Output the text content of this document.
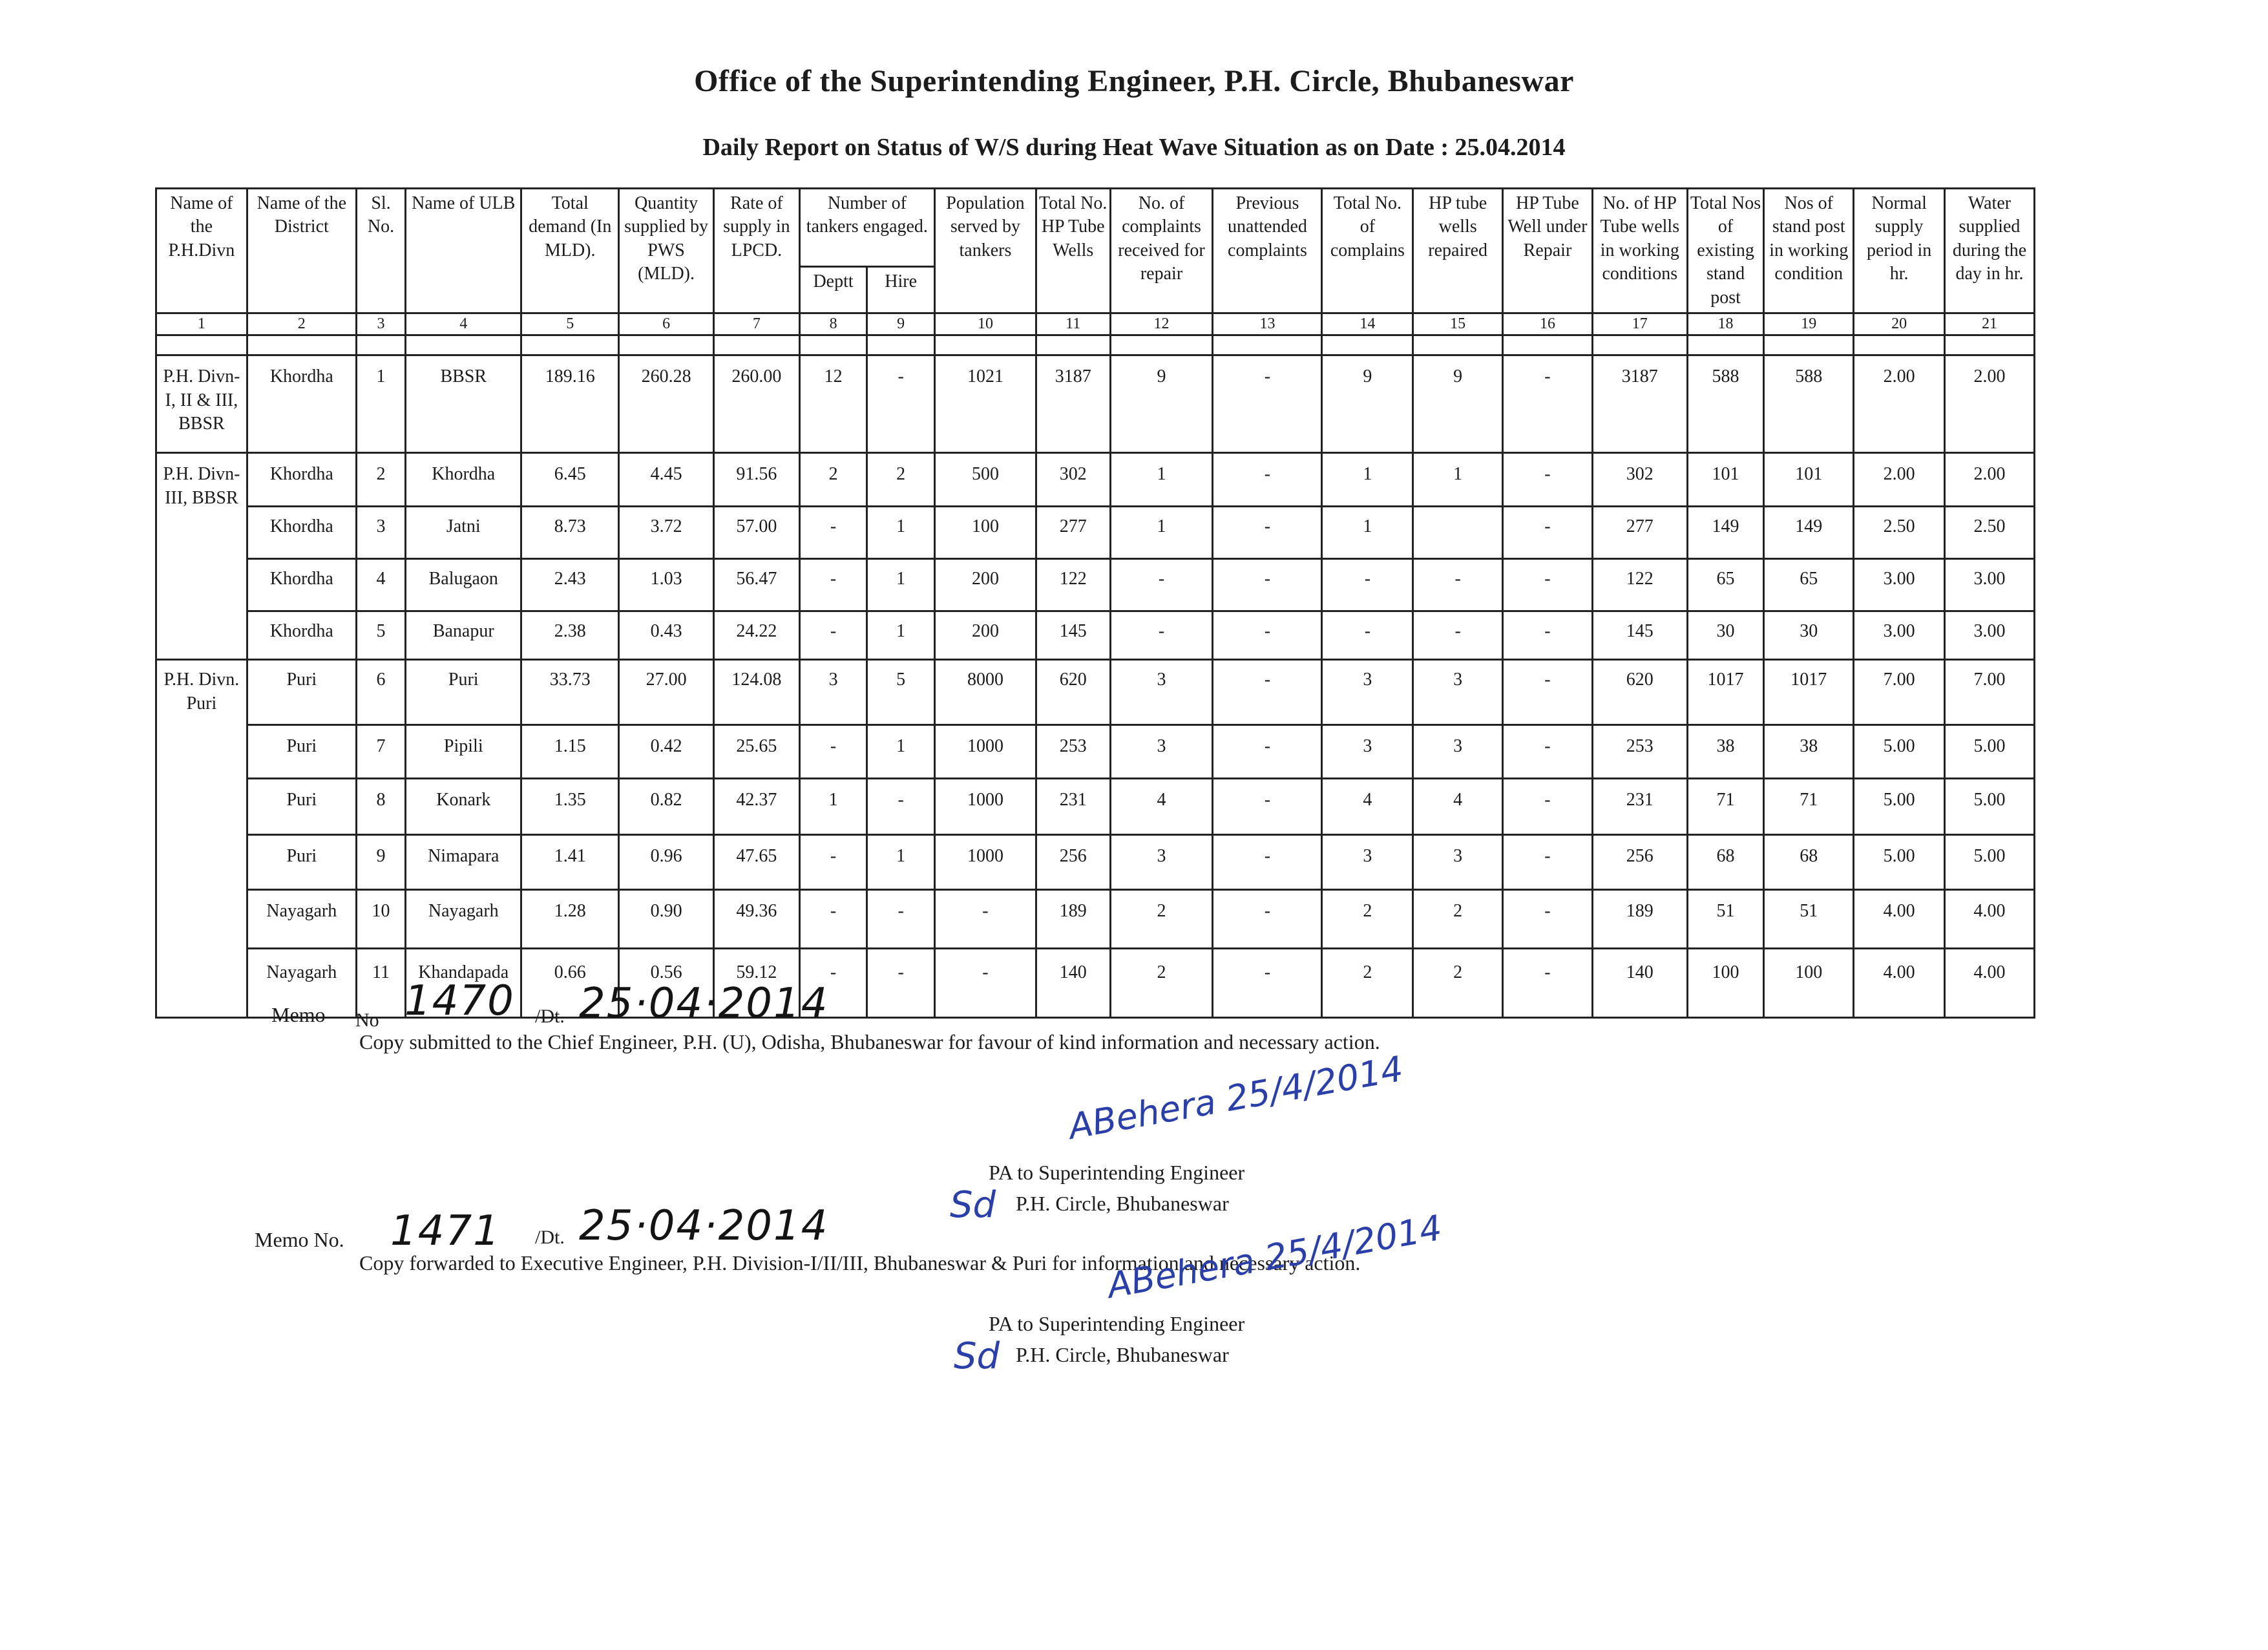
Office of the Superintending Engineer, P.H. Circle, Bhubaneswar
Daily Report on Status of W/S during Heat Wave Situation as on Date : 25.04.2014
Name of the P.H.Divn	Name of the District	Sl. No.	Name of ULB	Total demand (In MLD).	Quantity supplied by PWS (MLD).	Rate of supply in LPCD.	Number of tankers engaged.		Population served by tankers	Total No. HP Tube Wells	No. of complaints received for repair	Previous unattended complaints	Total No. of complains	HP tube wells repaired	HP Tube Well under Repair	No. of HP Tube wells in working conditions	Total Nos of existing stand post	Nos of stand post in working condition	Normal supply period in hr.	Water supplied during the day in hr.
							Deptt	Hire												
1	2	3	4	5	6	7	8	9	10	11	12	13	14	15	16	17	18	19	20	21

P.H. Divn-I, II & III, BBSR	Khordha	1	BBSR	189.16	260.28	260.00	12	-	1021	3187	9	-	9	9	-	3187	588	588	2.00	2.00
P.H. Divn-III, BBSR	Khordha	2	Khordha	6.45	4.45	91.56	2	2	500	302	1	-	1	1	-	302	101	101	2.00	2.00
	Khordha	3	Jatni	8.73	3.72	57.00	-	1	100	277	1	-	1		-	277	149	149	2.50	2.50
	Khordha	4	Balugaon	2.43	1.03	56.47	-	1	200	122	-	-	-	-	-	122	65	65	3.00	3.00
	Khordha	5	Banapur	2.38	0.43	24.22	-	1	200	145	-	-	-	-	-	145	30	30	3.00	3.00
P.H. Divn. Puri	Puri	6	Puri	33.73	27.00	124.08	3	5	8000	620	3	-	3	3	-	620	1017	1017	7.00	7.00
	Puri	7	Pipili	1.15	0.42	25.65	-	1	1000	253	3	-	3	3	-	253	38	38	5.00	5.00
	Puri	8	Konark	1.35	0.82	42.37	1	-	1000	231	4	-	4	4	-	231	71	71	5.00	5.00
	Puri	9	Nimapara	1.41	0.96	47.65	-	1	1000	256	3	-	3	3	-	256	68	68	5.00	5.00
	Nayagarh	10	Nayagarh	1.28	0.90	49.36	-	-	-	189	2	-	2	2	-	189	51	51	4.00	4.00
	Nayagarh	11	Khandapada	0.66	0.56	59.12	-	-	-	140	2	-	2	2	-	140	100	100	4.00	4.00
Memo No 1470 /Dt. 25·04·2014
Copy submitted to the Chief Engineer, P.H. (U), Odisha, Bhubaneswar for favour of kind information and necessary action.
ABehera 25/4/2014
PA to Superintending Engineer
Sd P.H. Circle, Bhubaneswar
Memo No. 1471 /Dt. 25·04·2014
Copy forwarded to Executive Engineer, P.H. Division-I/II/III, Bhubaneswar & Puri for information and necessary action.
ABehera 25/4/2014
PA to Superintending Engineer
Sd P.H. Circle, Bhubaneswar
